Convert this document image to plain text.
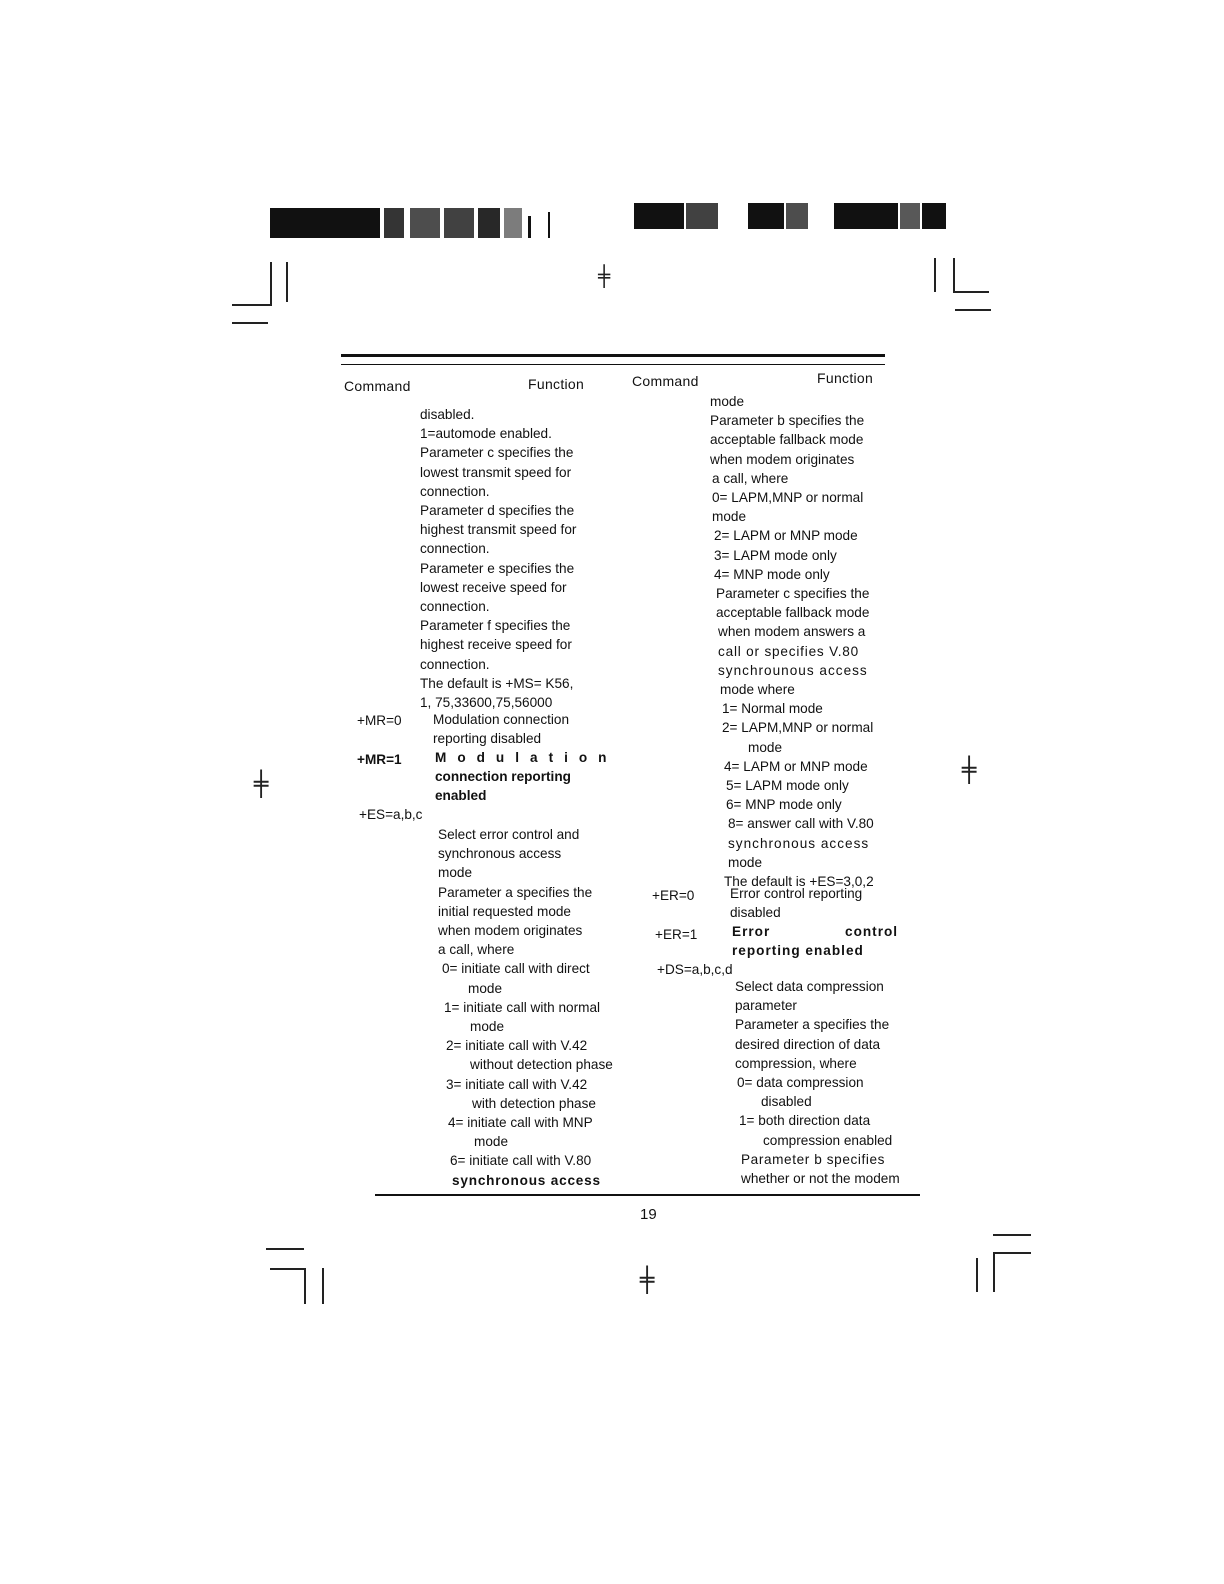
╪
╪	╪
╪
Command	Function	Command	Function
disabled.
1=automode enabled.
Parameter c specifies the
lowest transmit speed for
connection.
Parameter d specifies the
highest transmit speed for
connection.
Parameter e specifies the
lowest receive speed for
connection.
Parameter f specifies the
highest receive speed for
connection.
The default is +MS= K56,
1, 75,33600,75,56000
+MR=0 Modulation connection
reporting disabled
+MR=1 Modulation
connection reporting
enabled
+ES=a,b,c
Select error control and
synchronous access
mode
Parameter a specifies the
initial requested mode
when modem originates
a call, where
0= initiate call with direct
mode
1= initiate call with normal
mode
2= initiate call with V.42
without detection phase
3= initiate call with V.42
with detection phase
4= initiate call with MNP
mode
6= initiate call with V.80
synchronous access
mode
Parameter b specifies the
acceptable fallback mode
when modem originates
a call, where
0= LAPM,MNP or normal
mode
2= LAPM or MNP mode
3= LAPM mode only
4= MNP mode only
Parameter c specifies the
acceptable fallback mode
when modem answers a
call or specifies V.80
synchrounous access
mode where
1= Normal mode
2= LAPM,MNP or normal
mode
4= LAPM or MNP mode
5= LAPM mode only
6= MNP mode only
8= answer call with V.80
synchronous access
mode
The default is +ES=3,0,2
+ER=0	Error control reporting
disabled
+ER=1	Error control
reporting enabled
+DS=a,b,c,d
Select data compression
parameter
Parameter a specifies the
desired direction of data
compression, where
0= data compression
disabled
1= both direction data
compression enabled
Parameter b specifies
whether or not the modem
19
